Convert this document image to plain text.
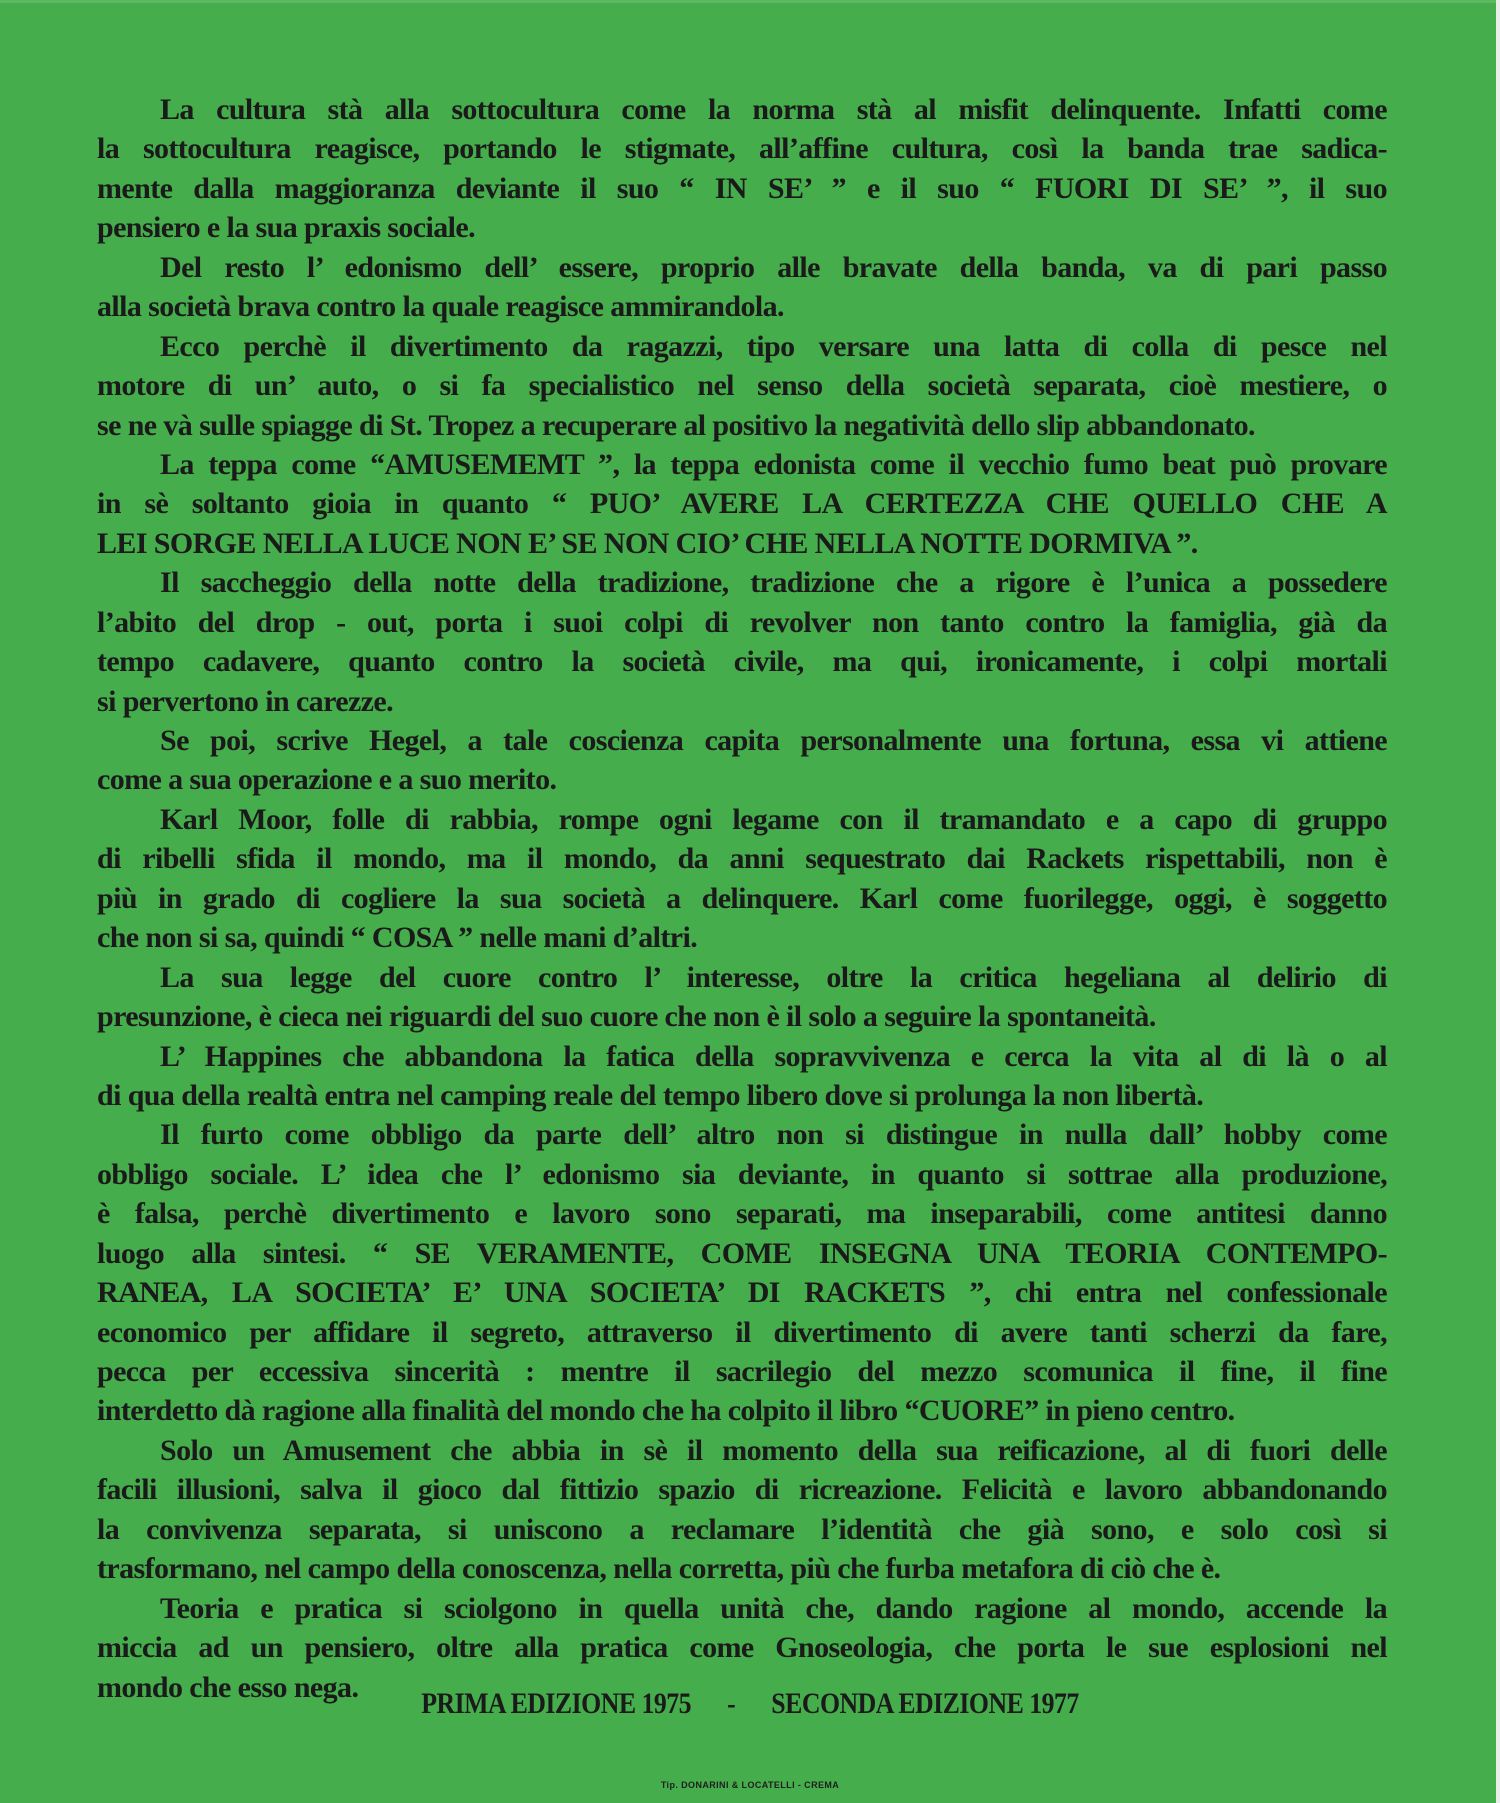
La cultura stà alla sottocultura come la norma stà al misfit delinquente. Infatti come
la sottocultura reagisce, portando le stigmate, all’affine cultura, così la banda trae sadica-
mente dalla maggioranza deviante il suo “ IN SE’ ” e il suo “ FUORI DI SE’ ”, il suo
pensiero e la sua praxis sociale.
Del resto l’ edonismo dell’ essere, proprio alle bravate della banda, va di pari passo
alla società brava contro la quale reagisce ammirandola.
Ecco perchè il divertimento da ragazzi, tipo versare una latta di colla di pesce nel
motore di un’ auto, o si fa specialistico nel senso della società separata, cioè mestiere, o
se ne và sulle spiagge di St. Tropez a recuperare al positivo la negatività dello slip abbandonato.
La teppa come “AMUSEMEMT ”, la teppa edonista come il vecchio fumo beat può provare
in sè soltanto gioia in quanto “ PUO’ AVERE LA CERTEZZA CHE QUELLO CHE A
LEI SORGE NELLA LUCE NON E’ SE NON CIO’ CHE NELLA NOTTE DORMIVA ”.
Il saccheggio della notte della tradizione, tradizione che a rigore è l’unica a possedere
l’abito del drop - out, porta i suoi colpi di revolver non tanto contro la famiglia, già da
tempo cadavere, quanto contro la società civile, ma qui, ironicamente, i colpi mortali
si pervertono in carezze.
Se poi, scrive Hegel, a tale coscienza capita personalmente una fortuna, essa vi attiene
come a sua operazione e a suo merito.
Karl Moor, folle di rabbia, rompe ogni legame con il tramandato e a capo di gruppo
di ribelli sfida il mondo, ma il mondo, da anni sequestrato dai Rackets rispettabili, non è
più in grado di cogliere la sua società a delinquere. Karl come fuorilegge, oggi, è soggetto
che non si sa, quindi “ COSA ” nelle mani d’altri.
La sua legge del cuore contro l’ interesse, oltre la critica hegeliana al delirio di
presunzione, è cieca nei riguardi del suo cuore che non è il solo a seguire la spontaneità.
L’ Happines che abbandona la fatica della sopravvivenza e cerca la vita al di là o al
di qua della realtà entra nel camping reale del tempo libero dove si prolunga la non libertà.
Il furto come obbligo da parte dell’ altro non si distingue in nulla dall’ hobby come
obbligo sociale. L’ idea che l’ edonismo sia deviante, in quanto si sottrae alla produzione,
è falsa, perchè divertimento e lavoro sono separati, ma inseparabili, come antitesi danno
luogo alla sintesi. “ SE VERAMENTE, COME INSEGNA UNA TEORIA CONTEMPO-
RANEA, LA SOCIETA’ E’ UNA SOCIETA’ DI RACKETS ”, chi entra nel confessionale
economico per affidare il segreto, attraverso il divertimento di avere tanti scherzi da fare,
pecca per eccessiva sincerità : mentre il sacrilegio del mezzo scomunica il fine, il fine
interdetto dà ragione alla finalità del mondo che ha colpito il libro “CUORE” in pieno centro.
Solo un Amusement che abbia in sè il momento della sua reificazione, al di fuori delle
facili illusioni, salva il gioco dal fittizio spazio di ricreazione. Felicità e lavoro abbandonando
la convivenza separata, si uniscono a reclamare l’identità che già sono, e solo così si
trasformano, nel campo della conoscenza, nella corretta, più che furba metafora di ciò che è.
Teoria e pratica si sciolgono in quella unità che, dando ragione al mondo, accende la
miccia ad un pensiero, oltre alla pratica come Gnoseologia, che porta le sue esplosioni nel
mondo che esso nega.	PRIMA EDIZIONE 1975 - SECONDA EDIZIONE 1977
Tip. DONARINI & LOCATELLI - CREMA
